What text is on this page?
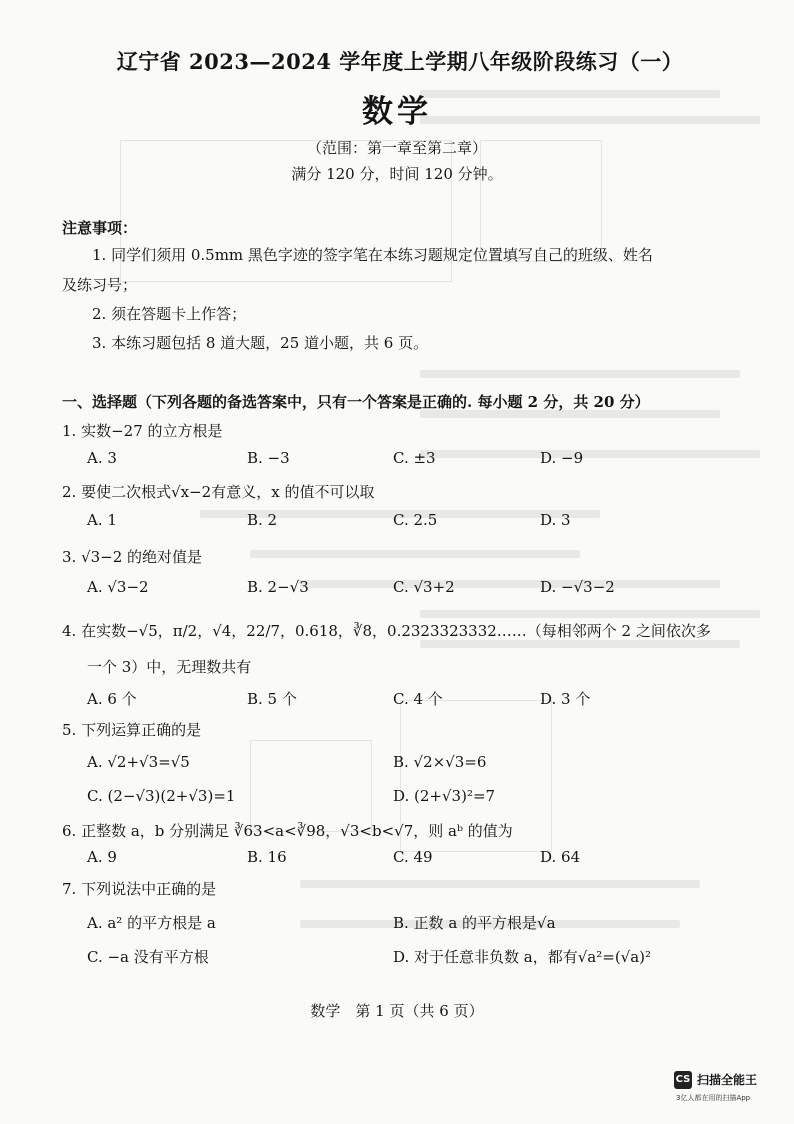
辽宁省 2023—2024 学年度上学期八年级阶段练习（一）
数学
（范围：第一章至第二章）
满分 120 分，时间 120 分钟。
注意事项：
1. 同学们须用 0.5mm 黑色字迹的签字笔在本练习题规定位置填写自己的班级、姓名
及练习号；
2. 须在答题卡上作答；
3. 本练习题包括 8 道大题，25 道小题，共 6 页。
一、选择题（下列各题的备选答案中，只有一个答案是正确的. 每小题 2 分，共 20 分）
1. 实数−27 的立方根是
A. 3	B. −3	C. ±3	D. −9
2. 要使二次根式√x−2有意义，x 的值不可以取
A. 1	B. 2	C. 2.5	D. 3
3. √3−2 的绝对值是
A. √3−2	B. 2−√3	C. √3+2	D. −√3−2
4. 在实数−√5，π/2，√4，22/7，0.618，∛8，0.2323323332……（每相邻两个 2 之间依次多
一个 3）中，无理数共有
A. 6 个	B. 5 个	C. 4 个	D. 3 个
5. 下列运算正确的是
A. √2+√3=√5	B. √2×√3=6
C. (2−√3)(2+√3)=1	D. (2+√3)²=7
6. 正整数 a，b 分别满足 ∛63<a<∛98，√3<b<√7，则 aᵇ 的值为
A. 9	B. 16	C. 49	D. 64
7. 下列说法中正确的是
A. a² 的平方根是 a	B. 正数 a 的平方根是√a
C. −a 没有平方根	D. 对于任意非负数 a，都有√a²=(√a)²
数学　第 1 页（共 6 页）
CS 扫描全能王
3亿人都在用的扫描App
